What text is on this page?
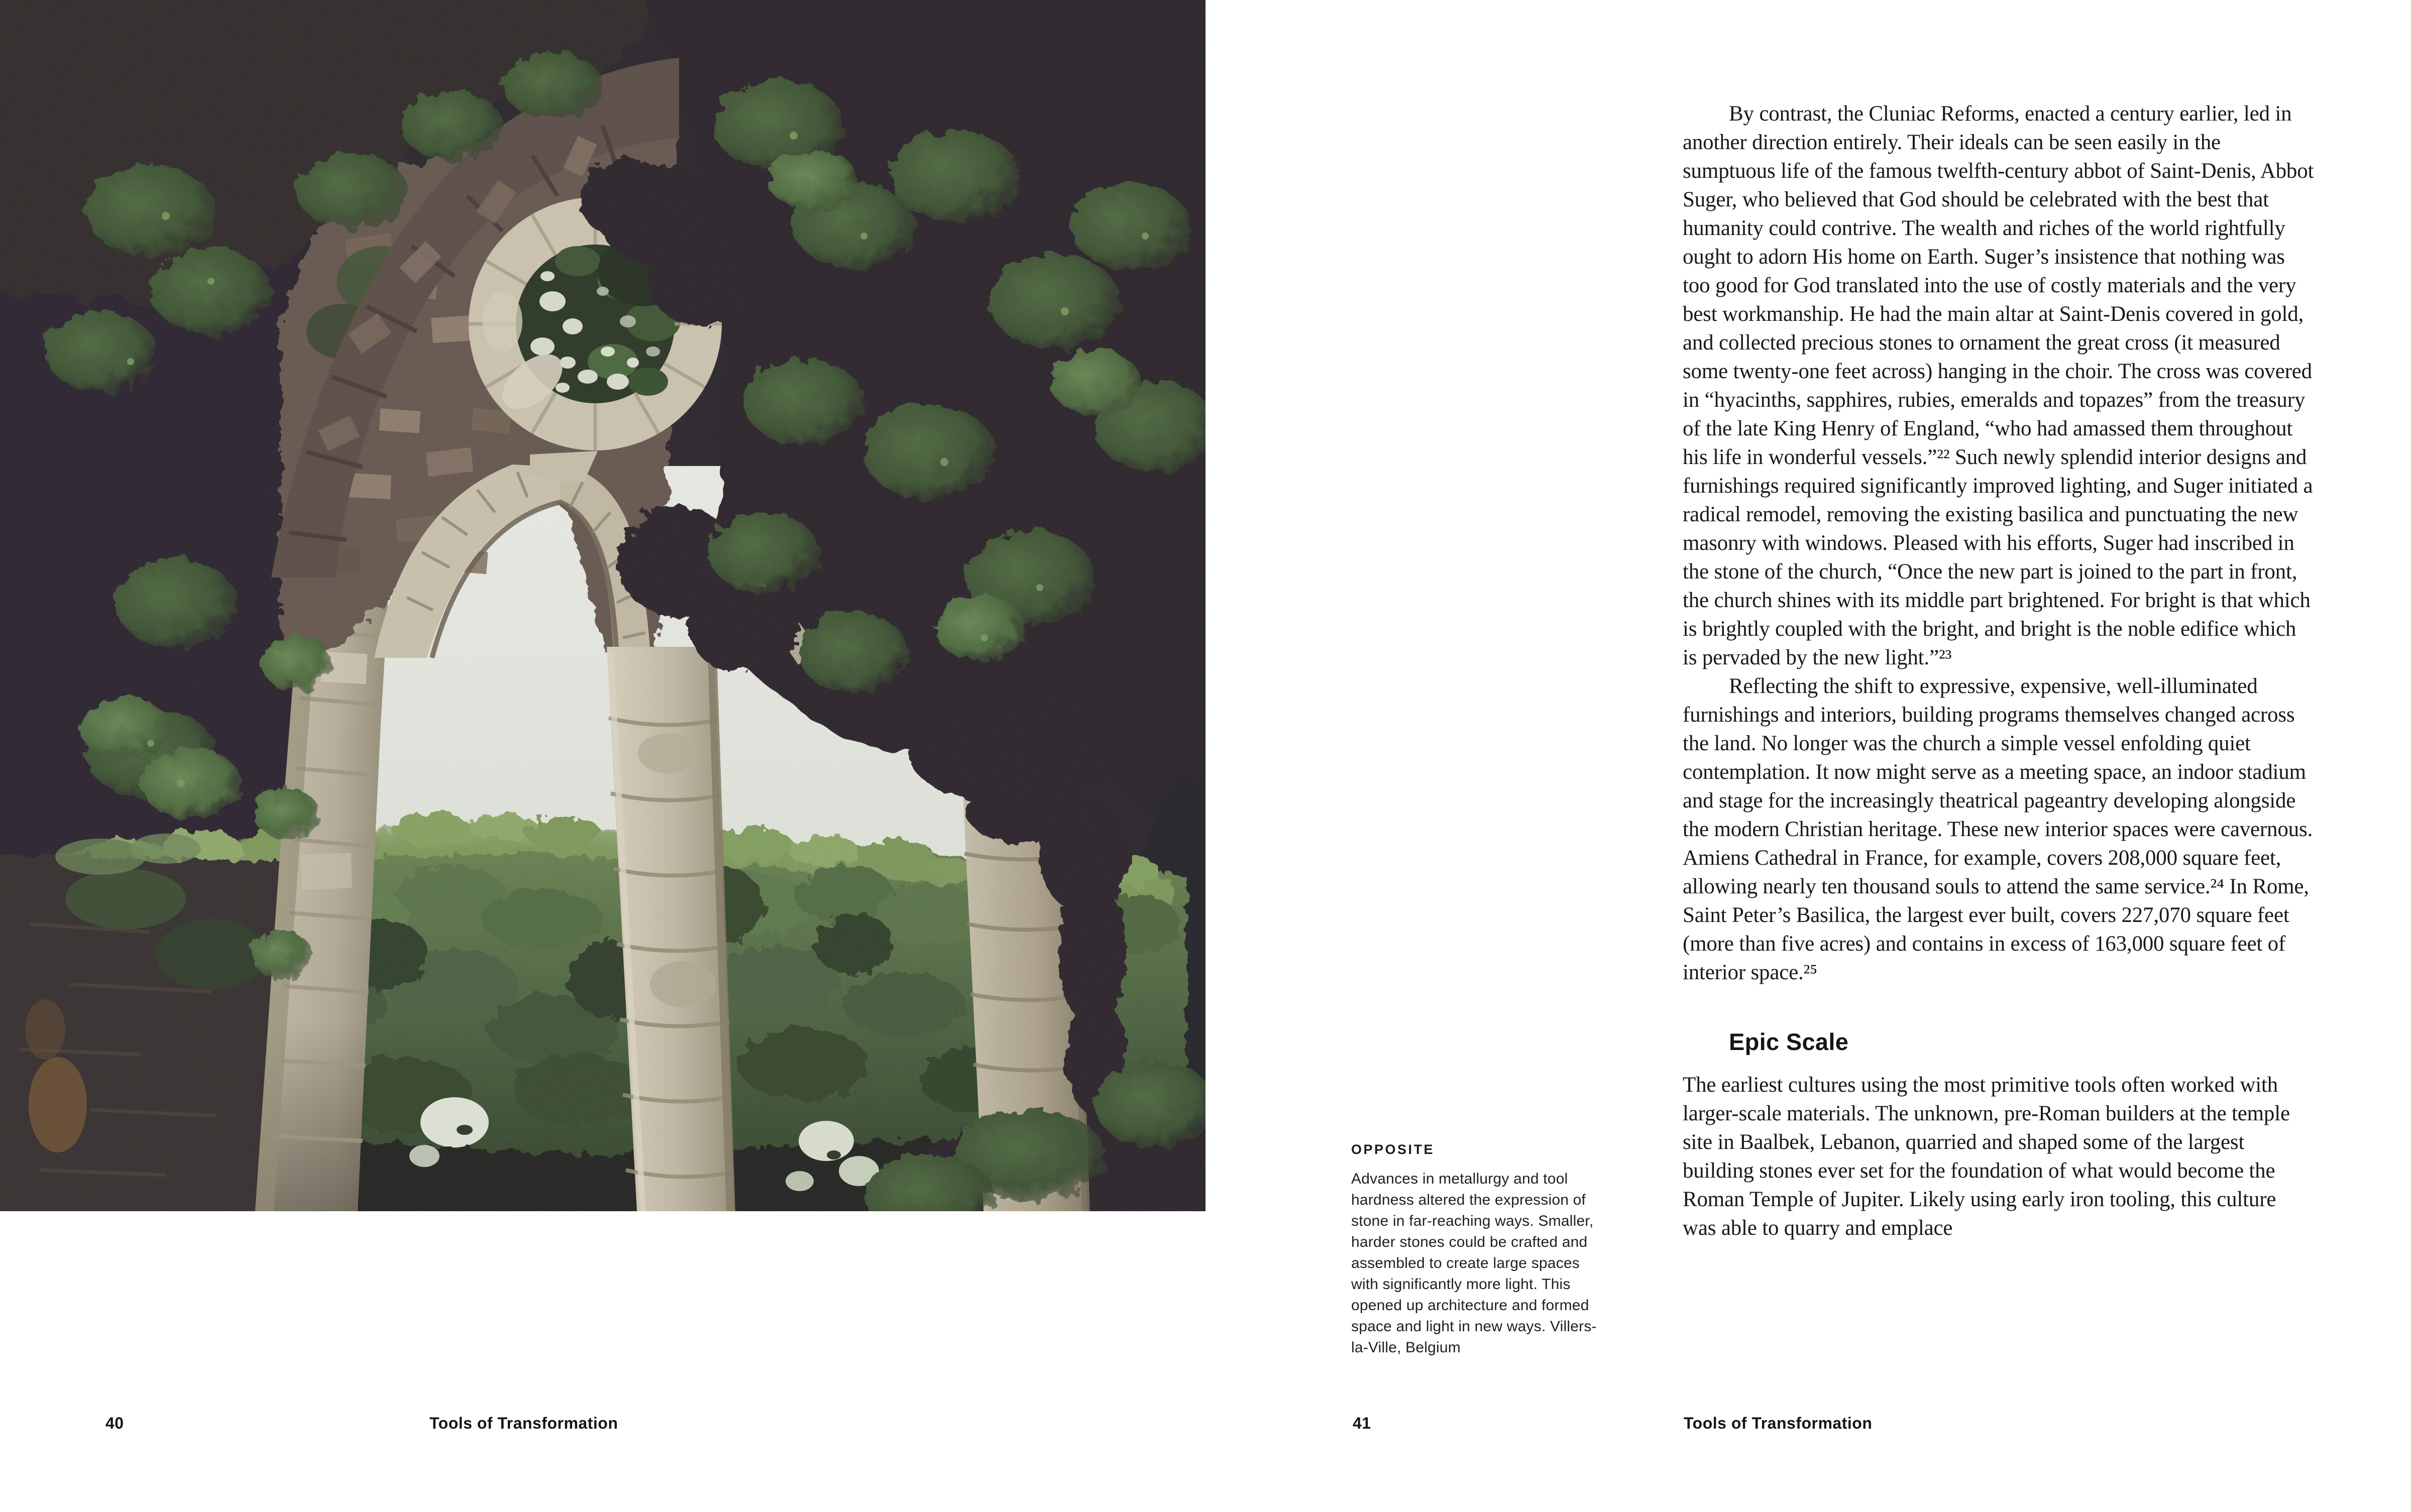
40	Tools of Transformation
OPPOSITE
Advances in metallurgy and tool hardness altered the expression of stone in far-reaching ways. Smaller, harder stones could be crafted and assembled to create large spaces with significantly more light. This opened up architecture and formed space and light in new ways. Villers-la-Ville, Belgium

By contrast, the Cluniac Reforms, enacted a century earlier, led in another direction entirely. Their ideals can be seen easily in the sumptuous life of the famous twelfth-century abbot of Saint-Denis, Abbot Suger, who believed that God should be celebrated with the best that humanity could contrive. The wealth and riches of the world rightfully ought to adorn His home on Earth. Suger’s insistence that nothing was too good for God translated into the use of costly materials and the very best workmanship. He had the main altar at Saint-Denis covered in gold, and collected precious stones to ornament the great cross (it measured some twenty-one feet across) hanging in the choir. The cross was covered in “hyacinths, sapphires, rubies, emeralds and topazes” from the treasury of the late King Henry of England, “who had amassed them throughout his life in wonderful vessels.”²² Such newly splendid interior designs and furnishings required significantly improved lighting, and Suger initiated a radical remodel, removing the existing basilica and punctuating the new masonry with windows. Pleased with his efforts, Suger had inscribed in the stone of the church, “Once the new part is joined to the part in front, the church shines with its middle part brightened. For bright is that which is brightly coupled with the bright, and bright is the noble edifice which is pervaded by the new light.”²³

Reflecting the shift to expressive, expensive, well-illuminated furnishings and interiors, building programs themselves changed across the land. No longer was the church a simple vessel enfolding quiet contemplation. It now might serve as a meeting space, an indoor stadium and stage for the increasingly theatrical pageantry developing alongside the modern Christian heritage. These new interior spaces were cavernous. Amiens Cathedral in France, for example, covers 208,000 square feet, allowing nearly ten thousand souls to attend the same service.²⁴ In Rome, Saint Peter’s Basilica, the largest ever built, covers 227,070 square feet (more than five acres) and contains in excess of 163,000 square feet of interior space.²⁵

Epic Scale

The earliest cultures using the most primitive tools often worked with larger-scale materials. The unknown, pre-Roman builders at the temple site in Baalbek, Lebanon, quarried and shaped some of the largest building stones ever set for the foundation of what would become the Roman Temple of Jupiter. Likely using early iron tooling, this culture was able to quarry and emplace

41	Tools of Transformation
